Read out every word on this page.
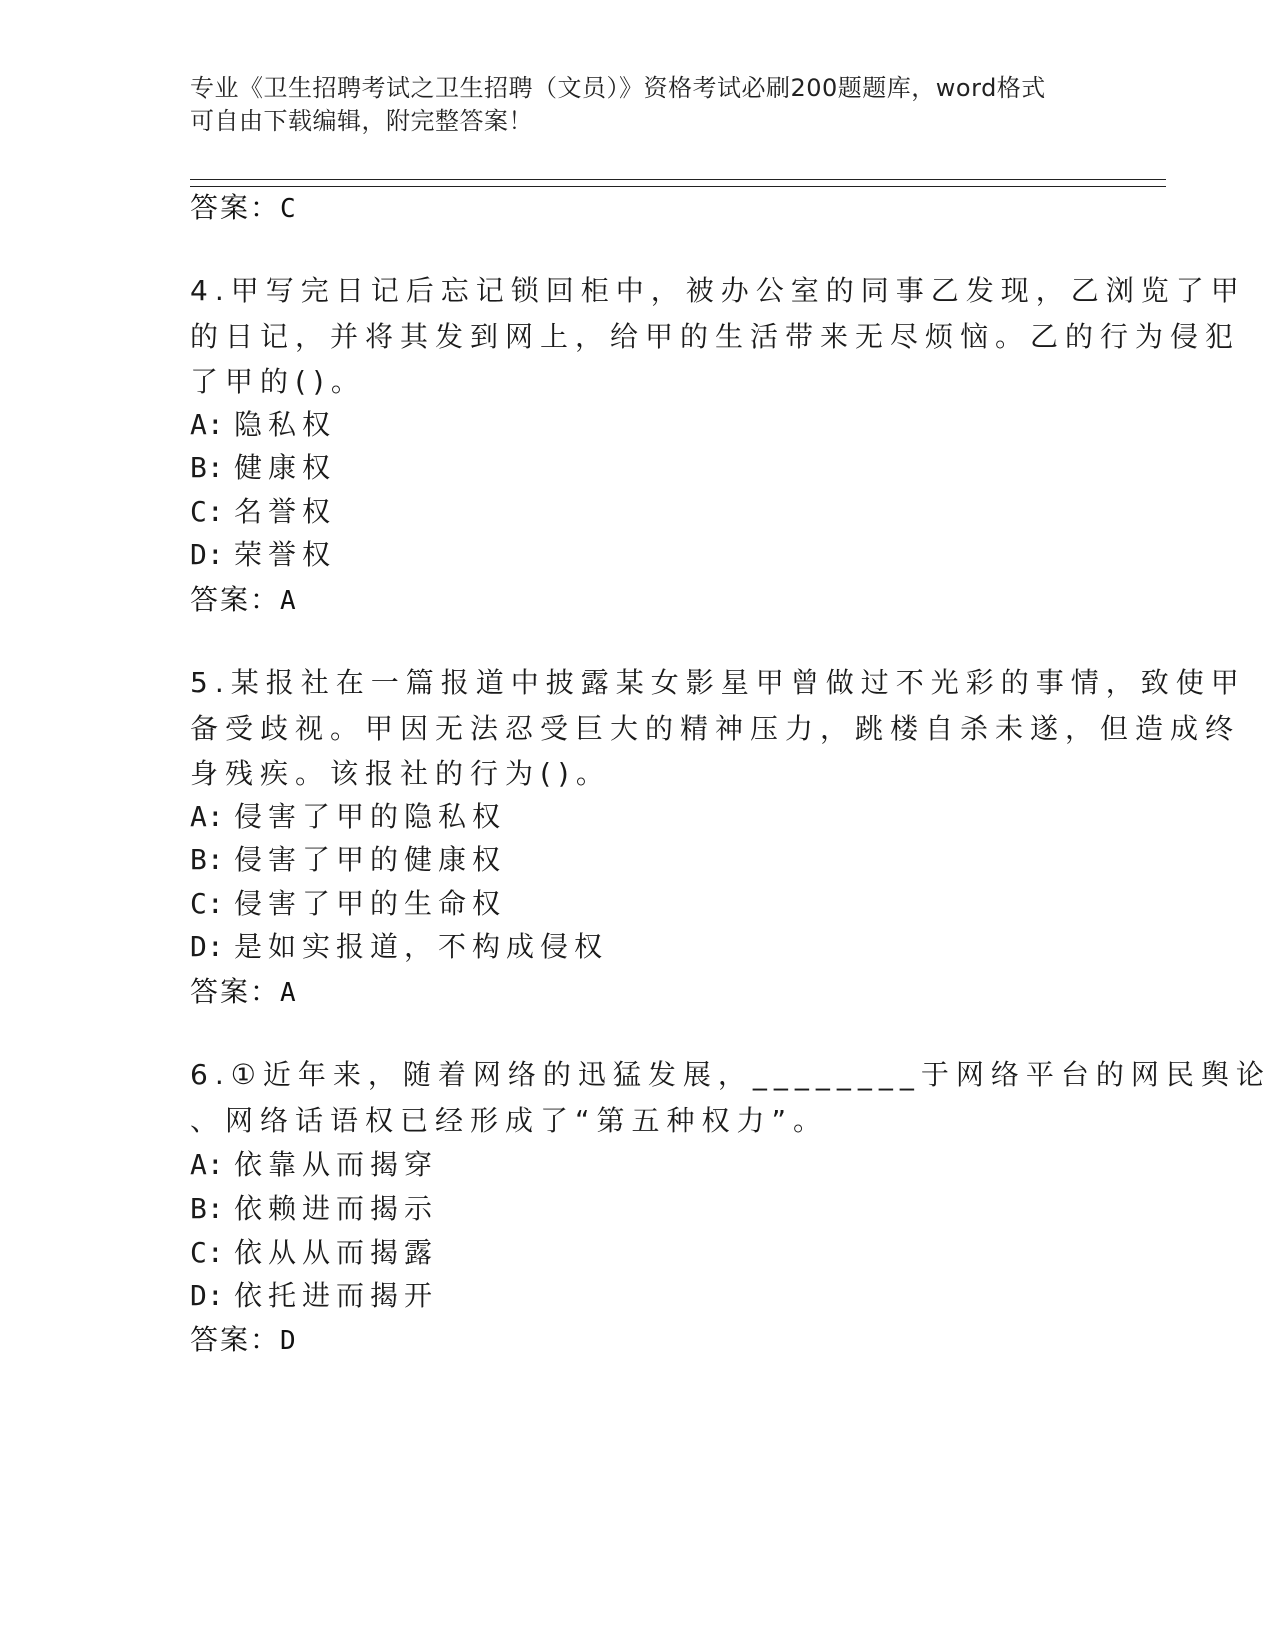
专业《卫生招聘考试之卫生招聘（文员）》资格考试必刷200题题库，word格式
可自由下载编辑，附完整答案！
答案：C
4.甲写完日记后忘记锁回柜中，被办公室的同事乙发现，乙浏览了甲
的日记，并将其发到网上，给甲的生活带来无尽烦恼。乙的行为侵犯
了甲的()。
A: 隐私权
B: 健康权
C: 名誉权
D: 荣誉权
答案：A
5.某报社在一篇报道中披露某女影星甲曾做过不光彩的事情，致使甲
备受歧视。甲因无法忍受巨大的精神压力，跳楼自杀未遂，但造成终
身残疾。该报社的行为()。
A: 侵害了甲的隐私权
B: 侵害了甲的健康权
C: 侵害了甲的生命权
D: 是如实报道，不构成侵权
答案：A
6.①近年来，随着网络的迅猛发展，________于网络平台的网民舆论
、网络话语权已经形成了“第五种权力”。
A: 依靠从而揭穿
B: 依赖进而揭示
C: 依从从而揭露
D: 依托进而揭开
答案：D
